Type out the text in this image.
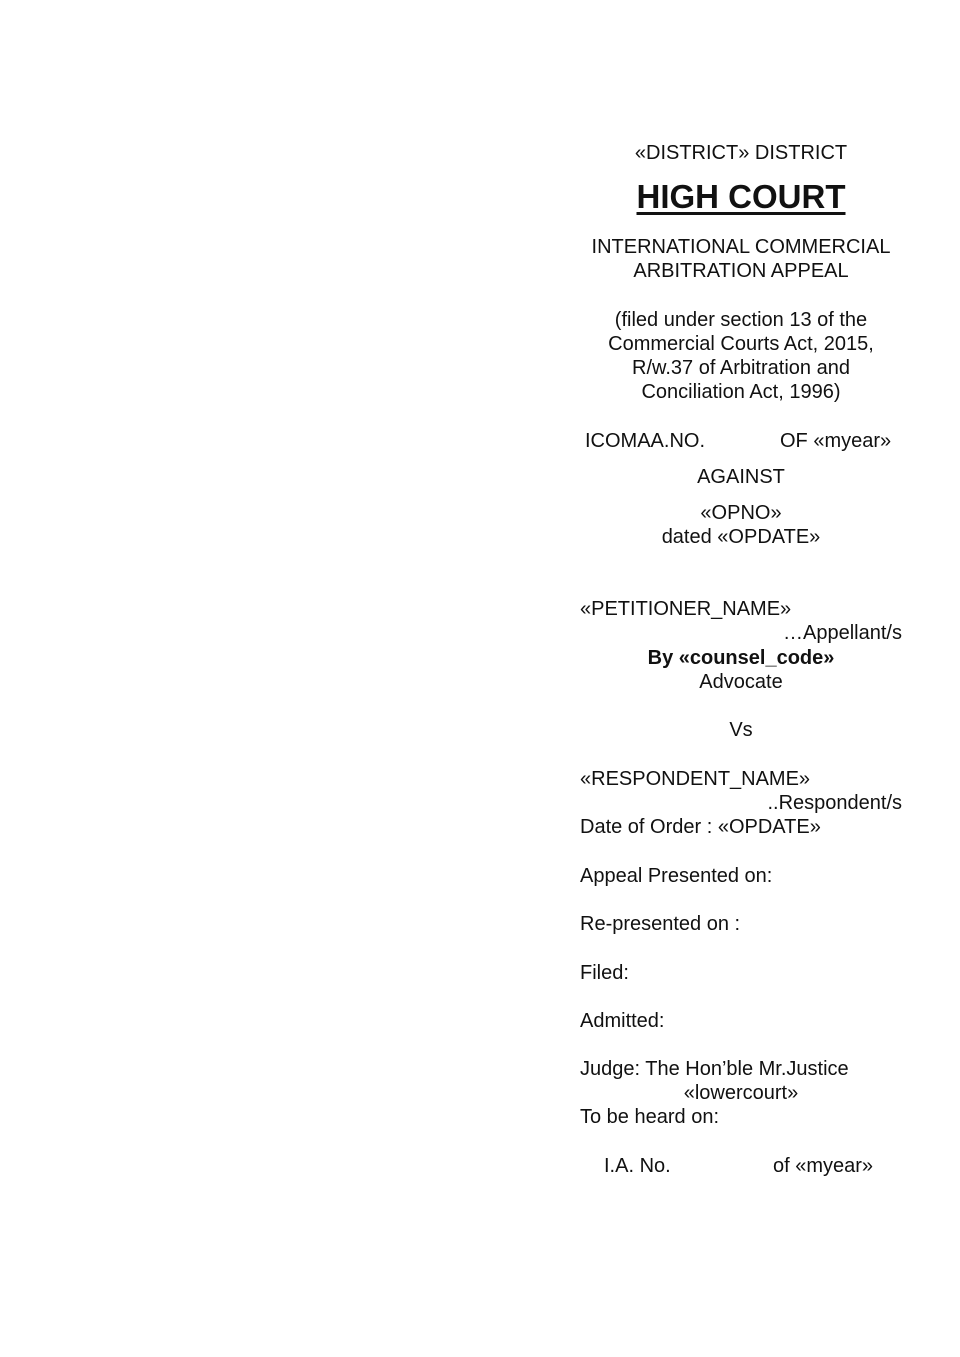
«DISTRICT» DISTRICT
HIGH COURT
INTERNATIONAL COMMERCIAL
ARBITRATION APPEAL
(filed under section 13 of the
Commercial Courts Act, 2015,
R/w.37 of Arbitration and
Conciliation Act, 1996)
ICOMAA.NO.	OF «myear»
AGAINST
«OPNO»
dated «OPDATE»
«PETITIONER_NAME»
…Appellant/s
By «counsel_code»
Advocate
Vs
«RESPONDENT_NAME»
..Respondent/s
Date of Order : «OPDATE»
Appeal Presented on:
Re-presented on :
Filed:
Admitted:
Judge: The Hon’ble Mr.Justice
«lowercourt»
To be heard on:
I.A. No.	of «myear»
